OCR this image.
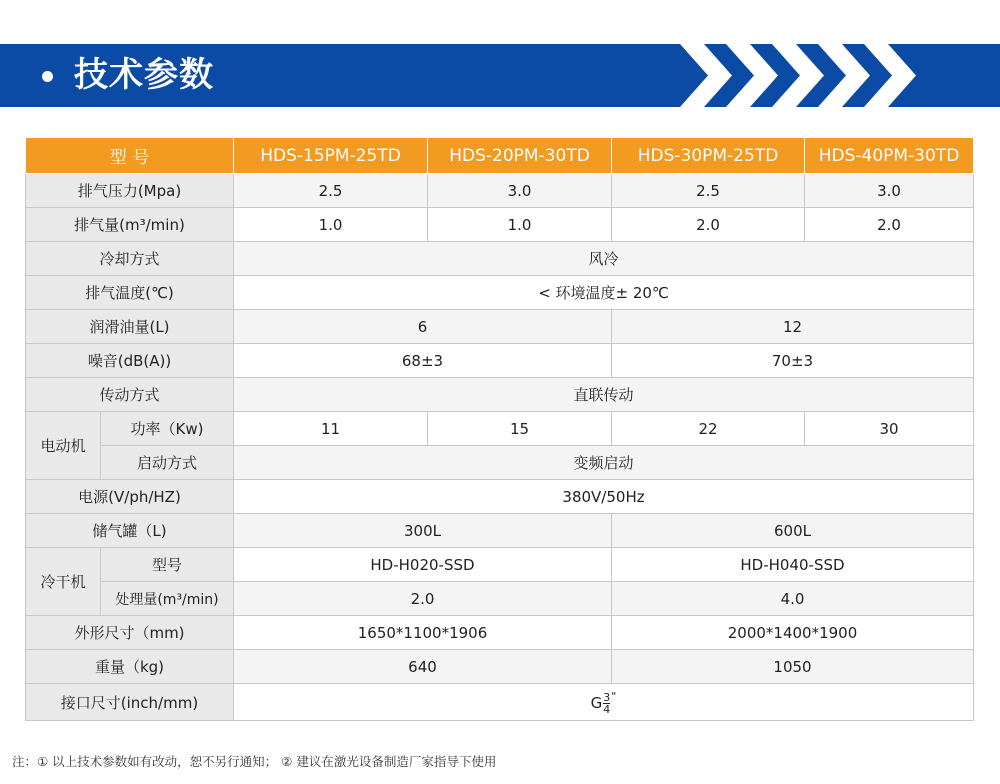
技术参数
型 号		HDS-15PM-25TD	HDS-20PM-30TD	HDS-30PM-25TD	HDS-40PM-30TD
排气压力(Mpa)		2.5	3.0	2.5	3.0
排气量(m³/min)		1.0	1.0	2.0	2.0
冷却方式		风冷			
排气温度(℃)		< 环境温度± 20℃			
润滑油量(L)		6		12	
噪音(dB(A))		68±3		70±3	
传动方式		直联传动			
电动机	功率（Kw)	11	15	22	30
	启动方式	变频启动			
电源(V/ph/HZ)		380V/50Hz			
储气罐（L)		300L		600L	
冷干机	型号	HD-H020-SSD		HD-H040-SSD	
	处理量(m³/min)	2.0		4.0	
外形尺寸（mm)		1650*1100*1906		2000*1400*1900	
重量（kg)		640		1050	
接口尺寸(inch/mm)		G $\frac{3}{4} ^"$
注：① 以上技术参数如有改动，恕不另行通知； ② 建议在激光设备制造厂家指导下使用
